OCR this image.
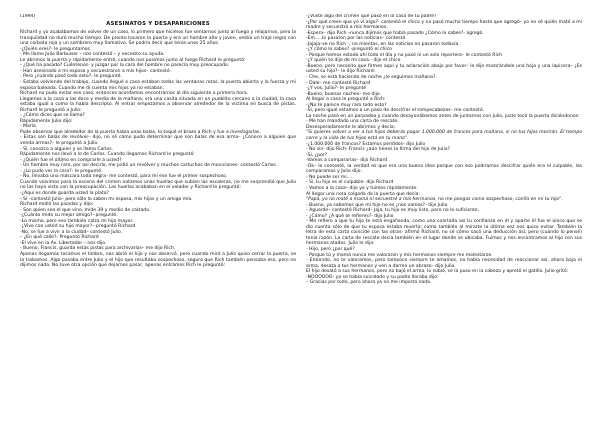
(1994)
ASESINATOS Y DESAPARICIONES

Richard y yo acabábamos de volver de un caso, lo primero que hicimos fue sentarnos junto al fuego y relajarnos, pero la tranquilidad no duró mucho tiempo. De pronto tocaron la puerta y era un hombre alto y joven, vestía un traje negro con una corbata roja y un sombrero muy llamativo. Se podría decir que tenía unos 25 años.

-¿Quién eres?- le preguntamos.

- Me llamo Julio Barbuiser – nos contestó – y necesito su ayuda.

Le abrimos la puerta y rápidamente entró, cuando nos pusimos junto al fuego Richard le preguntó:

- ¿Qué ha pasado? Cuéntenos- y juzgar por la cara del hombre no parecía muy preocupado.

- Han asesinado a mi esposa y secuestraron a mis hijos– contestó.

- Pero ¿cuándo pasó todo esto?- le pregunté.

- Estaba volviendo del trabajo, cuando llegué a casa estaban todas las ventanas rotas, la puerta abierta y la fuerza y mi esposa baleada. Cuando me di cuenta mis hijos ya no estaban.

Richard no pudo evitar ese caso; entonces acordamos encontrarnos al día siguiente a primera hora.

Llegamos a la casa a las doce y media de la mañana, era una casita situada en un pueblito cercano a la ciudad, la casa estaba igual a como la había descripto. Al entrar empezamos a observar alrededor de la víctima en busca de pistas. Richard le preguntó a Julio:

- ¿Cómo dices que se llama?

Rápidamente Julio dijo:

- María.

Pude observar que alrededor de la puerta había unas balas, lo toqué el brazo a Rich y fue a investigarlas.

- Estas son balas de revólver– dijo, no sé cómo pudo determinar que son balas de esa arma– ¿Conoce a alguien que venda armas?– le preguntó a Julio.

- Sí, conozco a alguien y se llama Carlos.

Rápidamente nos llevó a lo de Carlos. Cuando llegamos Richard le preguntó:

- ¿Quién fue el último en comprarle a usted?

- Un hombre muy raro, por así decirlo, me pidió un revólver y muchos cartuchos de municiones- contestó Carlos.

- ¿Lo pudo ver la cara?- le pregunté.

- No, llevaba una máscara toda negra- me contestó, para mí ese fue el primer sospechoso.

Cuando volvimos para la escena del crimen notamos unas huellas que subían las escaleras, no me sorprendió que Julio no las haya visto con la preocupación. Las huellas acababan en el velador y Richard le preguntó:

-¿Aquí es donde guarda usted la plata?

- Sí –contestó Julio– pero sólo lo saben mi esposa, mis hijos y un amigo mío.

Richard midió las pisadas y dijo:

- Son quien sea el que vino, mide 39 y medio de calzado.

-¿Cuánto mide su mejor amigo?- pregunté.

-Lo mismo, pero eso también calza mi hijo mayor.

-¿Vive con usted su hijo mayor?– preguntó Richard

-No, se fue a vivir a la ciudad– contestó Julio.

– ¿En qué calle?- Preguntó Richard

-El vive en la Av. Libertador – nos dijo.

- Bueno, Francis, guarda estas pistas para archivarlas– me dijo Rich.

Apenas llegamos tocamos el timbre, nos abrió el hijo y nos observó, pero cuando miró a Julio quiso cerrar la puerta, se la trabamos. Algo pasaba entre Julio y el hijo que resultaba sospechoso, seguro que Rich también pensaba eso, pero no dijimos nada. No tuve otra opción que dejarnos pasar, apenas entramos Rich le preguntó:

-¿Vuste algo del crimen que pasó en la casa de tu padre?

-¿Por qué creen que yo vi algo?- contestó el chico y no pasó mucho tiempo hasta que agregó– yo no sé quién mató a mi madre y secuestró a mis hermanos.

-Espera– dijo Rich –nunca dijimos que había pasado ¿Cómo lo sabes?- agregó.

-Em.....lo pasaron por las noticias– contestó.

-Jajaja–se rio Rich -, no mientas, en las noticias no pasaron todavía.

-¿Y cómo lo sabes? -preguntó el chico

- Porque hemos estado ahí todo el día y no pasó ni un solo reportero– le contestó Rich

-¿Y quién te dijo de mi casa.- dijo el chico

-Bueno, pero necesito que firmes aquí y tu aclaración abajo por favor– le dije mostrándole una hoja y una lapicera– ¿Es usted su hijo?– le dijo Richard:

- Che, se está haciendo de noche ¿lo seguimos mañana?.

- Dale– me contestó Richard

-¿Y vos, Julio?- le pregunté

-Bueno, buenas noches– me dijo.

Al llegar a casa le pregunté a Rich:

-¿No te parece muy raro todo esto?

-Sí, pero igual estamos a un paso de descifrar el rompecabezas– me contestó.

La noche pasó en un parpadeo y cuando desayunábamos antes de juntarnos con Julio, justo tocó la puerta diciéndonos:

- Me han mandado una carta de rescate.

Desesperadamente le abrimos y decía:

"Si quieres volver a ver a tus hijos deberás pagar 1.000.000 de francos para mañana, si no tus hijos morirán. El tiempo corre y la vida de tus hijos está en tu mano".

-¿1.000.000 de francos? Estamos perdidos- dijo Julio

- No sin- dijo Rich- Francis ¿aún tienes la firma del hijo de Julio?

-Sí, ¿por?

-Vamos a compararlas– dijo Richard

-Ok– le contesté, la verdad es que era una buena idea porque con eso podríamos descifrar quién era el culpable, las comparamos y Julio dijo:

- No puede ser mi.....

- Sí, tu hijo es el culpable- dijo Richard

- Vamos a la casa– dije yo y fuimos rápidamente.

Al llegar una nota colgada de la puerta que decía:

"Papá, yo no maté a mamá ni secuestré a mis hermanos, no me pongas como sospechoso, confía en mi tu hijo".

- Bueno, ya sabemos que mi hijo no es ¿nos vamos?- dijo Julio

- Aguarde– contestó Richard– Jaja, tu hijo es muy listo, pero no lo suficiente.

- ¿Cómo? ¿A qué te refieres?- dijo Julio

- Me refiero a que tu hijo te está engañando, como una coartada así tu confianza en él y aparte él fue el único que se dio cuenta sólo de que tu esposa estaba muerta; como también al mirarte la última vez nos quiso evitar. También la letra de esta carta coincide con las otras- afirmó Richard, no sé cómo sacó una deducción así, pero (cuando lo pensé) tenía razón. La carta de rescate decía también en el lugar donde se ubicaba. Fuimos y nos encontramos al hijo con sus hermanos atados. Julio le dijo:

- Hijo, pero ¿por qué?

- Porque tú y mamá nunca me valoraron y mis hermanos siempre me molestaron.

- Entiendo, no te valoramos, pero tampoco siempre te amamos, no había necesidad de reaccionar así, ahora baja el arma, desata a tus hermanos y ven a darme un abrazo– dijo Julio.

El hijo desató a sus hermanos, pero no bajó el arma, lo subió, se la puso en la cabeza y apretó el gatillo. Julio gritó:

-NOOOOOO- ya se había suicidado y su padre lloraba dijo:

– Gracias por todo, pero ahora ya no me importa nada.
